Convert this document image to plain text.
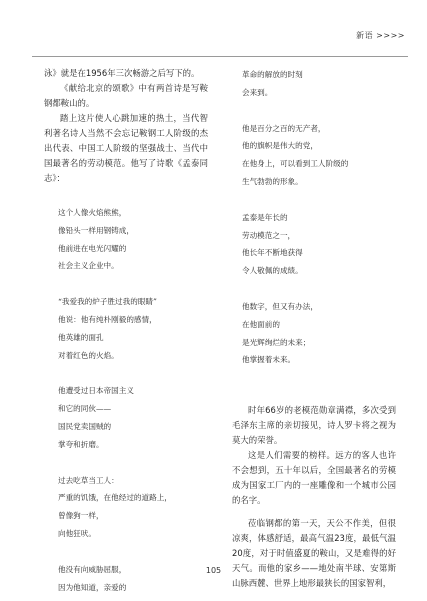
新语 >>>>

泳》就是在1956年三次畅游之后写下的。

《献给北京的颂歌》中有两首诗是写鞍钢都鞍山的。

踏上这片使人心跳加速的热土，当代智利著名诗人当然不会忘记鞍钢工人阶级的杰出代表、中国工人阶级的坚强战士、当代中国最著名的劳动模范。他写了诗歌《孟泰同志》：

这个人像火焰熊熊，

像铅头一样用钢铸成，

他前进在电光闪耀的

社会主义企业中。

“我爱我的炉子胜过我的眼睛”

他说：他有纯朴刚毅的感情，

他英雄的面孔

对着红色的火焰。

他遭受过日本帝国主义

和它的同伙——

国民党卖国贼的

掌夸和折磨。

过去吃草当工人：

严重的饥饿，在他经过的道路上，

曾像狗一样，

向他狂吠。

他没有向威胁屈服，

因为他知道，亲爱的

革命的解放的时刻

会来到。

他是百分之百的无产者，

他的旗帜是伟大的党，

在他身上，可以看到工人阶级的

生气勃勃的形象。

孟泰是年长的

劳动模范之一，

他长年不断地获得

令人敬佩的成绩。

他数字，但又有办法，

在他面前的

是光辉绚烂的未来；

他掌握着未来。

时年66岁的老模范勋章满襟，多次受到毛泽东主席的亲切接见，诗人罗卡将之视为莫大的荣誉。

这是人们需要的榜样。远方的客人也许不会想到，五十年以后，全国最著名的劳模成为国家工厂内的一座雕像和一个城市公园的名字。

莅临钢都的第一天，天公不作美，但很凉爽，体感舒适，最高气温23度，最低气温20度，对于时值盛夏的鞍山，又是难得的好天气。而他的家乡——地处南半球、安第斯山脉西麓、世界上地形最狭长的国家智利，

105
